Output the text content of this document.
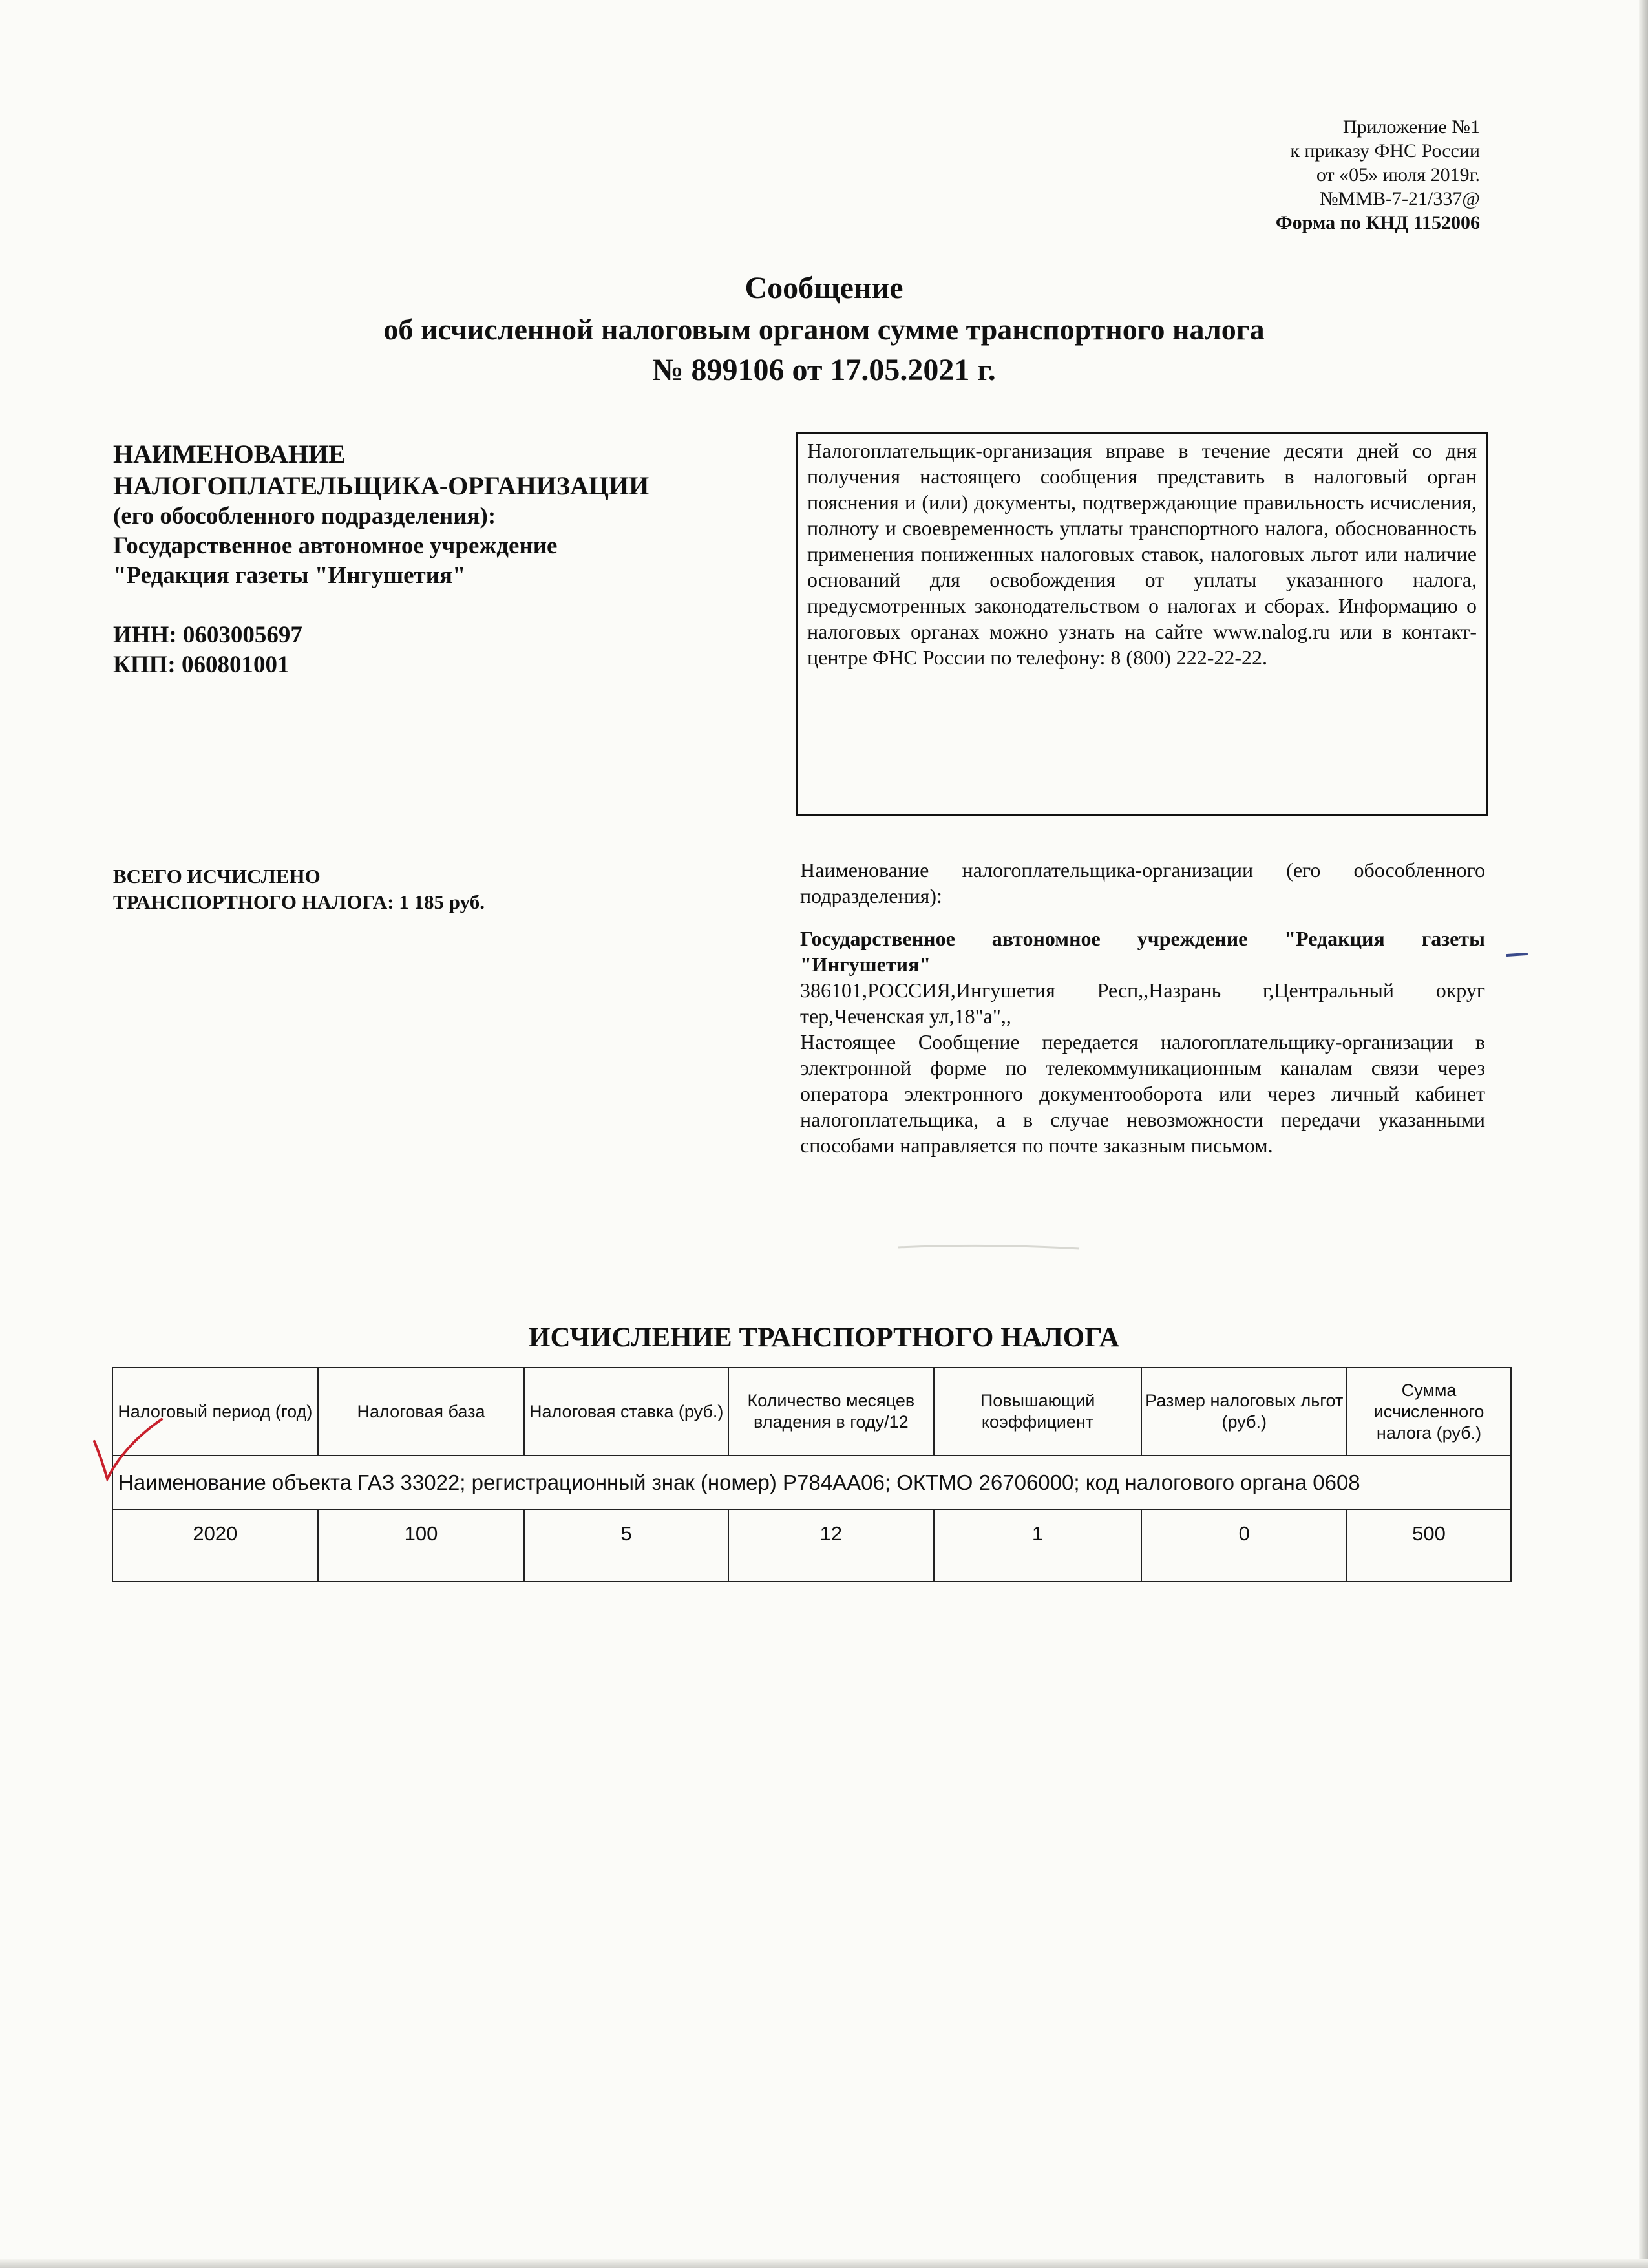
Приложение №1
к приказу ФНС России
от «05» июля 2019г.
№ММВ-7-21/337@
Форма по КНД 1152006
Сообщение
об исчисленной налоговым органом сумме транспортного налога
№ 899106 от 17.05.2021 г.
НАИМЕНОВАНИЕ
НАЛОГОПЛАТЕЛЬЩИКА-ОРГАНИЗАЦИИ
(его обособленного подразделения):
Государственное автономное учреждение
"Редакция газеты "Ингушетия"
ИНН: 0603005697
КПП: 060801001
Налогоплательщик-организация вправе в течение десяти дней со дня получения настоящего сообщения представить в налоговый орган пояснения и (или) документы, подтверждающие правильность исчисления, полноту и своевременность уплаты транспортного налога, обоснованность применения пониженных налоговых ставок, налоговых льгот или наличие оснований для освобождения от уплаты указанного налога, предусмотренных законодательством о налогах и сборах. Информацию о налоговых органах можно узнать на сайте www.nalog.ru или в контакт-центре ФНС России по телефону: 8 (800) 222-22-22.
ВСЕГО ИСЧИСЛЕНО
ТРАНСПОРТНОГО НАЛОГА: 1 185 руб.
Наименование налогоплательщика-организации (его обособленного подразделения):
Государственное автономное учреждение "Редакция газеты "Ингушетия"
386101,РОССИЯ,Ингушетия Респ,,Назрань г,Центральный округ тер,Чеченская ул,18"а",,
Настоящее Сообщение передается налогоплательщику-организации в электронной форме по телекоммуникационным каналам связи через оператора электронного документооборота или через личный кабинет налогоплательщика, а в случае невозможности передачи указанными способами направляется по почте заказным письмом.
ИСЧИСЛЕНИЕ ТРАНСПОРТНОГО НАЛОГА
Налоговый период (год)	Налоговая база	Налоговая ставка (руб.)	Количество месяцев владения в году/12	Повышающий коэффициент	Размер налоговых льгот (руб.)	Сумма исчисленного налога (руб.)
Наименование объекта ГАЗ 33022; регистрационный знак (номер) Р784АА06; ОКТМО 26706000; код налогового органа 0608						
2020	100	5	12	1	0	500
